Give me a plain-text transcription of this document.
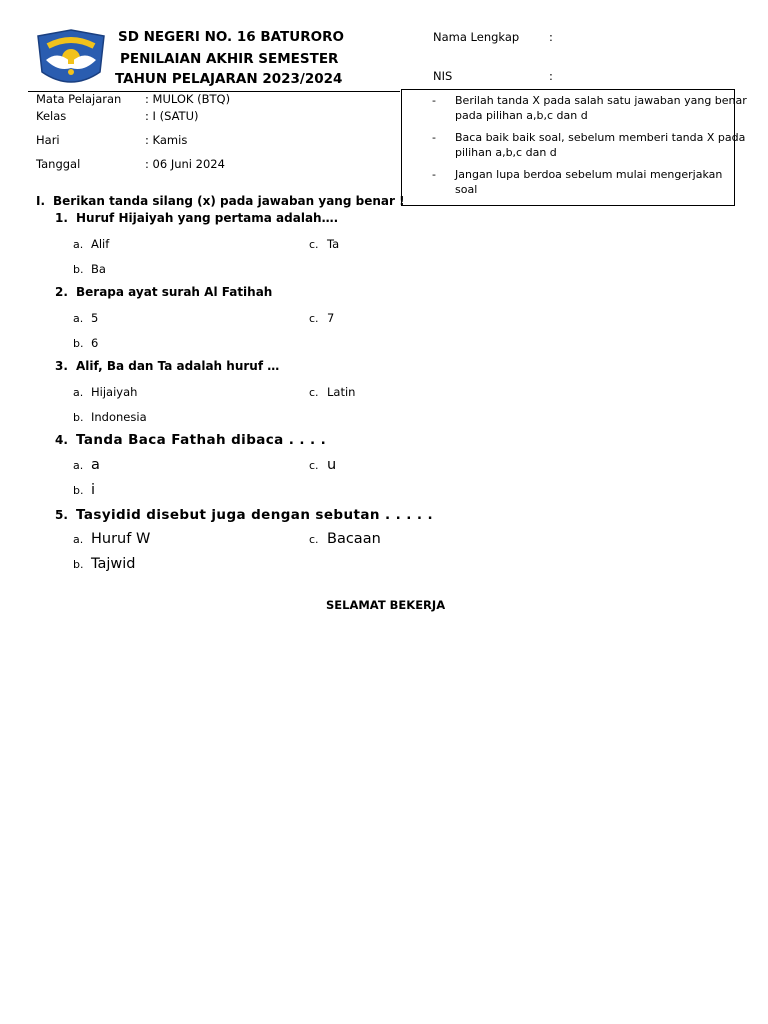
SD NEGERI NO. 16 BATURORO
PENILAIAN AKHIR SEMESTER
TAHUN PELAJARAN 2023/2024
Nama Lengkap	:
NIS	:
Mata Pelajaran : MULOK (BTQ)
Kelas	: I (SATU)
Hari	: Kamis
Tanggal	: 06 Juni 2024
- Berilah tanda X pada salah satu jawaban yang benar pada pilihan a,b,c dan d
- Baca baik baik soal, sebelum memberi tanda X pada pilihan a,b,c dan d
- Jangan lupa berdoa sebelum mulai mengerjakan soal
I. Berikan tanda silang (x) pada jawaban yang benar !
1. Huruf Hijaiyah yang pertama adalah….
a. Alif	c. Ta
b. Ba
2. Berapa ayat surah Al Fatihah
a. 5	c. 7
b. 6
3. Alif, Ba dan Ta adalah huruf …
a. Hijaiyah	c. Latin
b. Indonesia
4. Tanda Baca Fathah dibaca . . . .
a. a	c. u
b. i
5. Tasyidid disebut juga dengan sebutan . . . . .
a. Huruf W	c. Bacaan
b. Tajwid
SELAMAT BEKERJA
